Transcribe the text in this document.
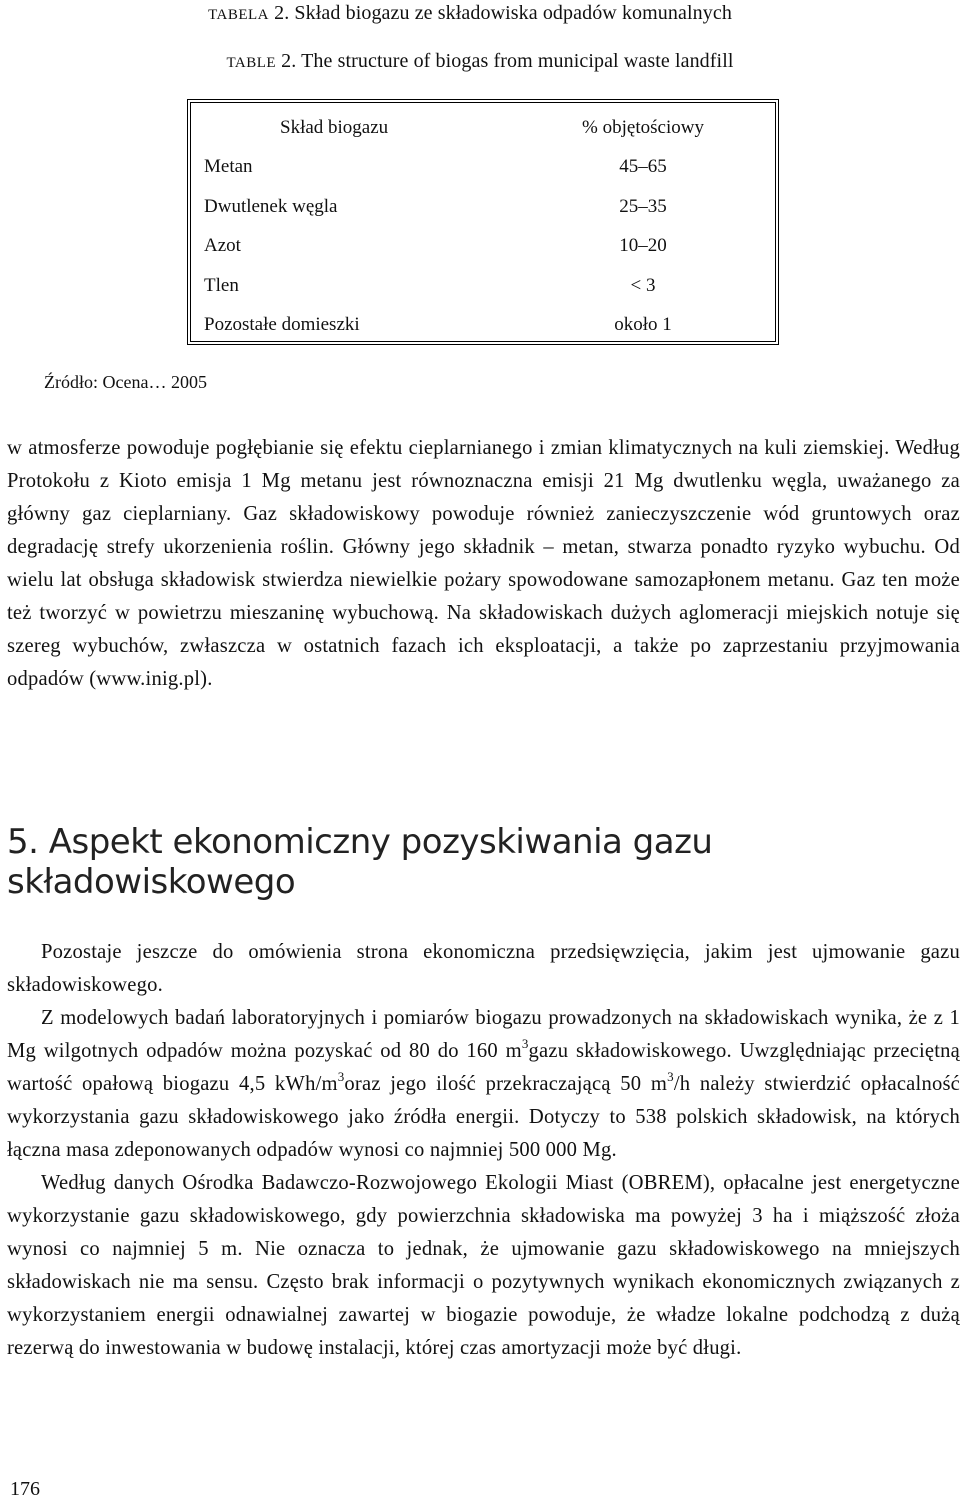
TABELA 2. Skład biogazu ze składowiska odpadów komunalnych
TABLE 2. The structure of biogas from municipal waste landfill
Skład biogazu	% objętościowy
Metan	45–65
Dwutlenek węgla	25–35
Azot	10–20
Tlen	< 3
Pozostałe domieszki	około 1
Źródło: Ocena… 2005

w atmosferze powoduje pogłębianie się efektu cieplarnianego i zmian klimatycznych na kuli ziemskiej. Według Protokołu z Kioto emisja 1 Mg metanu jest równoznaczna emisji 21 Mg dwutlenku węgla, uważanego za główny gaz cieplarniany. Gaz składowiskowy powoduje również zanieczyszczenie wód gruntowych oraz degradację strefy ukorzenienia roślin. Główny jego składnik – metan, stwarza ponadto ryzyko wybuchu. Od wielu lat obsługa składowisk stwierdza niewielkie pożary spowodowane samozapłonem metanu. Gaz ten może też tworzyć w powietrzu mieszaninę wybuchową. Na składowiskach dużych aglomeracji miejskich notuje się szereg wybuchów, zwłaszcza w ostatnich fazach ich eksploatacji, a także po zaprzestaniu przyjmowania odpadów (www.inig.pl).

5. Aspekt ekonomiczny pozyskiwania gazu składowiskowego

Pozostaje jeszcze do omówienia strona ekonomiczna przedsięwzięcia, jakim jest ujmowanie gazu składowiskowego.

Z modelowych badań laboratoryjnych i pomiarów biogazu prowadzonych na składowiskach wynika, że z 1 Mg wilgotnych odpadów można pozyskać od 80 do 160 $m^3gazu$ składowiskowego. Uwzględniając przeciętną wartość opałową biogazu 4,5 kWh/$m^3oraz$ jego ilość przekraczającą 50 $m^3/h$ należy stwierdzić opłacalność wykorzystania gazu składowiskowego jako źródła energii. Dotyczy to 538 polskich składowisk, na których łączna masa zdeponowanych odpadów wynosi co najmniej 500 000 Mg.

Według danych Ośrodka Badawczo-Rozwojowego Ekologii Miast (OBREM), opłacalne jest energetyczne wykorzystanie gazu składowiskowego, gdy powierzchnia składowiska ma powyżej 3 ha i miąższość złoża wynosi co najmniej 5 m. Nie oznacza to jednak, że ujmowanie gazu składowiskowego na mniejszych składowiskach nie ma sensu. Często brak informacji o pozytywnych wynikach ekonomicznych związanych z wykorzystaniem energii odnawialnej zawartej w biogazie powoduje, że władze lokalne podchodzą z dużą rezerwą do inwestowania w budowę instalacji, której czas amortyzacji może być długi.

176
